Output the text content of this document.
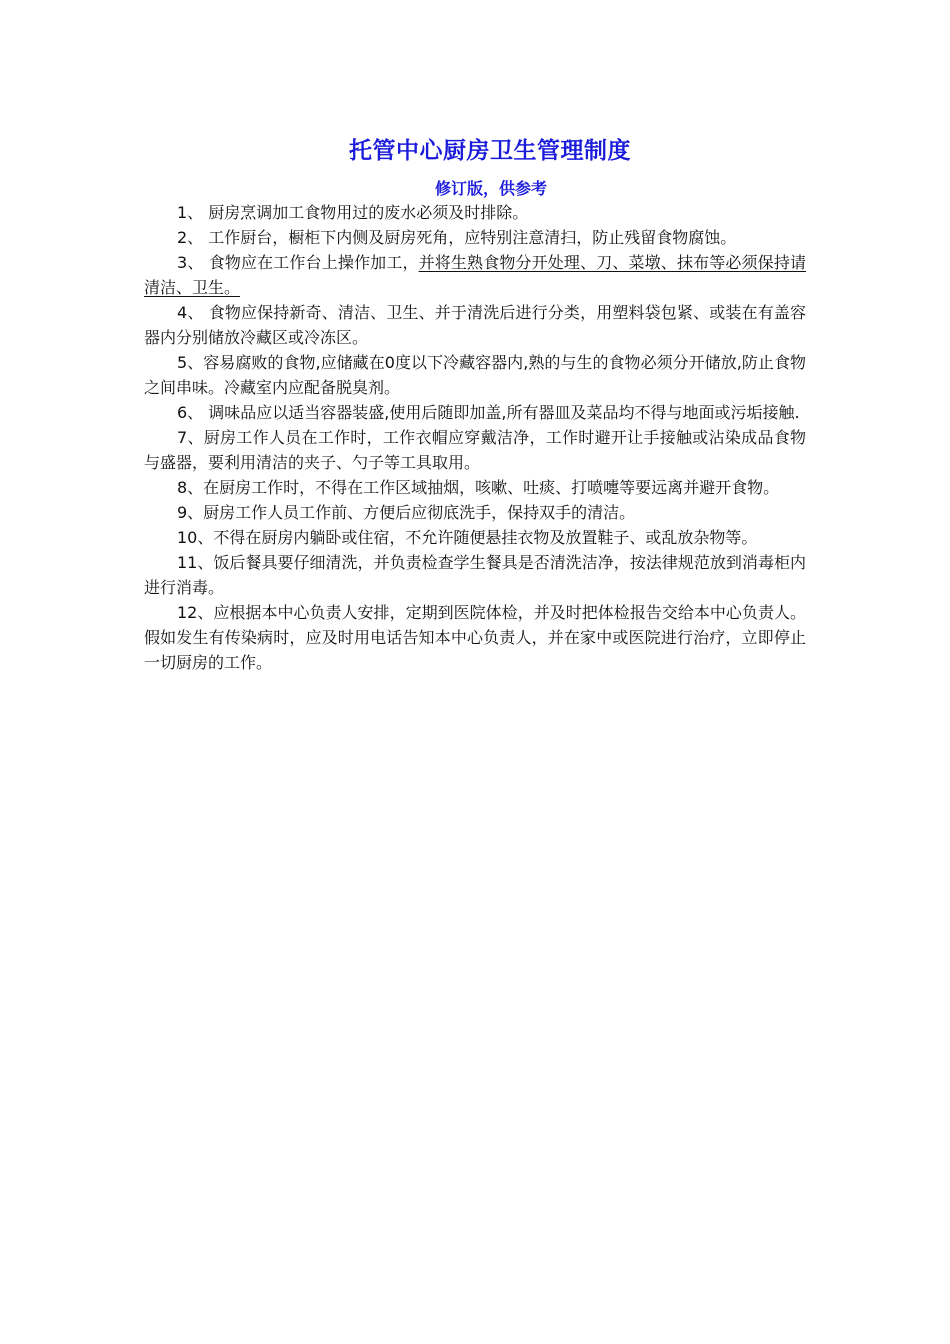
托管中心厨房卫生管理制度
修订版，供参考

1、 厨房烹调加工食物用过的废水必须及时排除。

2、 工作厨台，橱柜下内侧及厨房死角，应特别注意清扫，防止残留食物腐蚀。

3、 食物应在工作台上操作加工，并将生熟食物分开处理、刀、菜墩、抹布等必须保持请清洁、卫生。

4、 食物应保持新奇、清洁、卫生、并于清洗后进行分类，用塑料袋包紧、或装在有盖容器内分别储放冷藏区或冷冻区。

5、容易腐败的食物,应储藏在0度以下冷藏容器内,熟的与生的食物必须分开储放,防止食物之间串味。冷藏室内应配备脱臭剂。

6、 调味品应以适当容器装盛,使用后随即加盖,所有器皿及菜品均不得与地面或污垢接触.

7、厨房工作人员在工作时，工作衣帽应穿戴洁净，工作时避开让手接触或沾染成品食物与盛器，要利用清洁的夹子、勺子等工具取用。

8、在厨房工作时，不得在工作区域抽烟，咳嗽、吐痰、打喷嚏等要远离并避开食物。

9、厨房工作人员工作前、方便后应彻底洗手，保持双手的清洁。

10、不得在厨房内躺卧或住宿，不允许随便悬挂衣物及放置鞋子、或乱放杂物等。

11、饭后餐具要仔细清洗，并负责检查学生餐具是否清洗洁净，按法律规范放到消毒柜内进行消毒。

12、应根据本中心负责人安排，定期到医院体检，并及时把体检报告交给本中心负责人。假如发生有传染病时，应及时用电话告知本中心负责人，并在家中或医院进行治疗，立即停止一切厨房的工作。
